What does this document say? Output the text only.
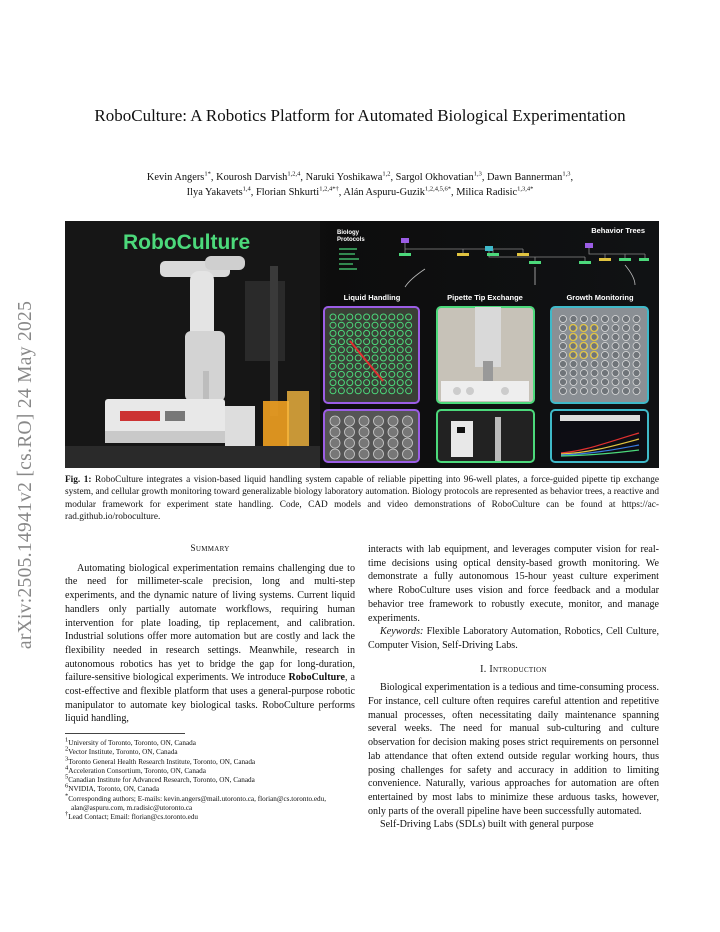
arXiv:2505.14941v2 [cs.RO] 24 May 2025
RoboCulture: A Robotics Platform for Automated Biological Experimentation
Kevin Angers$^{1*}$, Kourosh Darvish$^{1,2,4}$, Naruki Yoshikawa$^{1,2}$, Sargol Okhovatian$^{1,3}$, Dawn Bannerman$^{1,3}$,
Ilya Yakavets$^{1,4}$, Florian Shkurti$^{1,2,4*\dagger}$, Alán Aspuru-Guzik$^{1,2,4,5,6*}$, Milica Radisic$^{1,3,4*}$
RoboCulture	Biology Protocols
Behavior Trees
Liquid Handling	Pipette Tip Exchange	Growth Monitoring
Fig. 1: RoboCulture integrates a vision-based liquid handling system capable of reliable pipetting into 96-well plates, a force-guided pipette tip exchange system, and cellular growth monitoring toward generalizable biology laboratory automation. Biology protocols are represented as behavior trees, a reactive and modular framework for experiment state handling. Code, CAD models and video demonstrations of RoboCulture can be found at https://ac-rad.github.io/roboculture.
Summary

Automating biological experimentation remains challenging due to the need for millimeter-scale precision, long and multi-step experiments, and the dynamic nature of living systems. Current liquid handlers only partially automate workflows, requiring human intervention for plate loading, tip replacement, and calibration. Industrial solutions offer more automation but are costly and lack the flexibility needed in research settings. Meanwhile, research in autonomous robotics has yet to bridge the gap for long-duration, failure-sensitive biological experiments. We introduce RoboCulture, a cost-effective and flexible platform that uses a general-purpose robotic manipulator to automate key biological tasks. RoboCulture performs liquid handling,

$^1$University of Toronto, Toronto, ON, Canada
$^2$Vector Institute, Toronto, ON, Canada
$^3$Toronto General Health Research Institute, Toronto, ON, Canada
$^4$Acceleration Consortium, Toronto, ON, Canada
$^5$Canadian Institute for Advanced Research, Toronto, ON, Canada
$^6$NVIDIA, Toronto, ON, Canada
*Corresponding authors; E-mails: kevin.angers@mail.utoronto.ca, florian@cs.toronto.edu, alan@aspuru.com, m.radisic@utoronto.ca
†Lead Contact; Email: florian@cs.toronto.edu

interacts with lab equipment, and leverages computer vision for real-time decisions using optical density-based growth monitoring. We demonstrate a fully autonomous 15-hour yeast culture experiment where RoboCulture uses vision and force feedback and a modular behavior tree framework to robustly execute, monitor, and manage experiments.

Keywords: Flexible Laboratory Automation, Robotics, Cell Culture, Computer Vision, Self-Driving Labs.

I. Introduction

Biological experimentation is a tedious and time-consuming process. For instance, cell culture often requires careful attention and repetitive manual processes, often necessitating daily maintenance spanning several weeks. The need for manual sub-culturing and culture observation for decision making poses strict requirements on personnel lab attendance that often extend outside regular working hours, thus posing challenges for safety and accuracy in addition to limiting convenience. Naturally, various approaches for automation are often entertained by most labs to minimize these arduous tasks, however, only parts of the overall pipeline have been successfully automated.

Self-Driving Labs (SDLs) built with general purpose
